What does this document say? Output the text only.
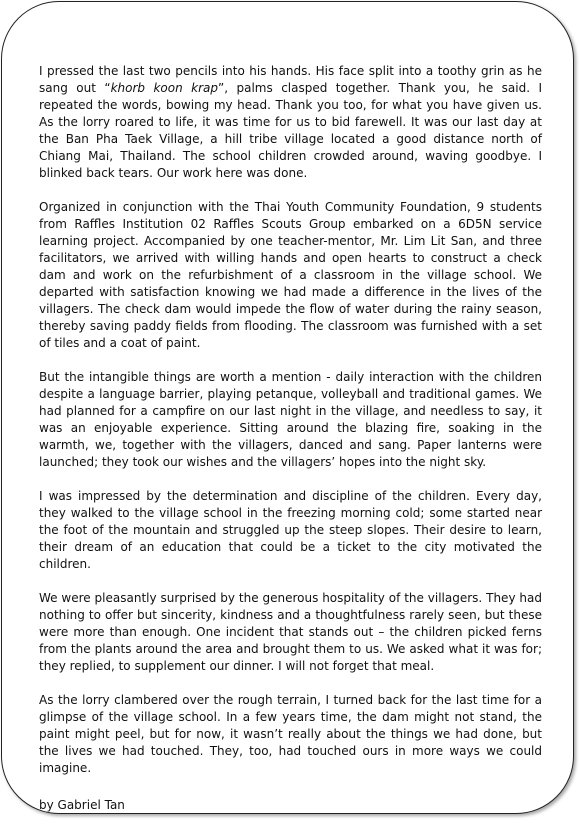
I pressed the last two pencils into his hands. His face split into a toothy grin as he sang out “khorb koon krap”, palms clasped together. Thank you, he said. I repeated the words, bowing my head. Thank you too, for what you have given us. As the lorry roared to life, it was time for us to bid farewell. It was our last day at the Ban Pha Taek Village, a hill tribe village located a good distance north of Chiang Mai, Thailand. The school children crowded around, waving goodbye. I blinked back tears. Our work here was done.

Organized in conjunction with the Thai Youth Community Foundation, 9 students from Raffles Institution 02 Raffles Scouts Group embarked on a 6D5N service learning project. Accompanied by one teacher-mentor, Mr. Lim Lit San, and three facilitators, we arrived with willing hands and open hearts to construct a check dam and work on the refurbishment of a classroom in the village school. We departed with satisfaction knowing we had made a difference in the lives of the villagers. The check dam would impede the flow of water during the rainy season, thereby saving paddy fields from flooding. The classroom was furnished with a set of tiles and a coat of paint.

But the intangible things are worth a mention - daily interaction with the children despite a language barrier, playing petanque, volleyball and traditional games. We had planned for a campfire on our last night in the village, and needless to say, it was an enjoyable experience. Sitting around the blazing fire, soaking in the warmth, we, together with the villagers, danced and sang. Paper lanterns were launched; they took our wishes and the villagers’ hopes into the night sky.

I was impressed by the determination and discipline of the children. Every day, they walked to the village school in the freezing morning cold; some started near the foot of the mountain and struggled up the steep slopes. Their desire to learn, their dream of an education that could be a ticket to the city motivated the children.

We were pleasantly surprised by the generous hospitality of the villagers. They had nothing to offer but sincerity, kindness and a thoughtfulness rarely seen, but these were more than enough. One incident that stands out – the children picked ferns from the plants around the area and brought them to us. We asked what it was for; they replied, to supplement our dinner. I will not forget that meal.

As the lorry clambered over the rough terrain, I turned back for the last time for a glimpse of the village school. In a few years time, the dam might not stand, the paint might peel, but for now, it wasn’t really about the things we had done, but the lives we had touched. They, too, had touched ours in more ways we could imagine.

by Gabriel Tan
